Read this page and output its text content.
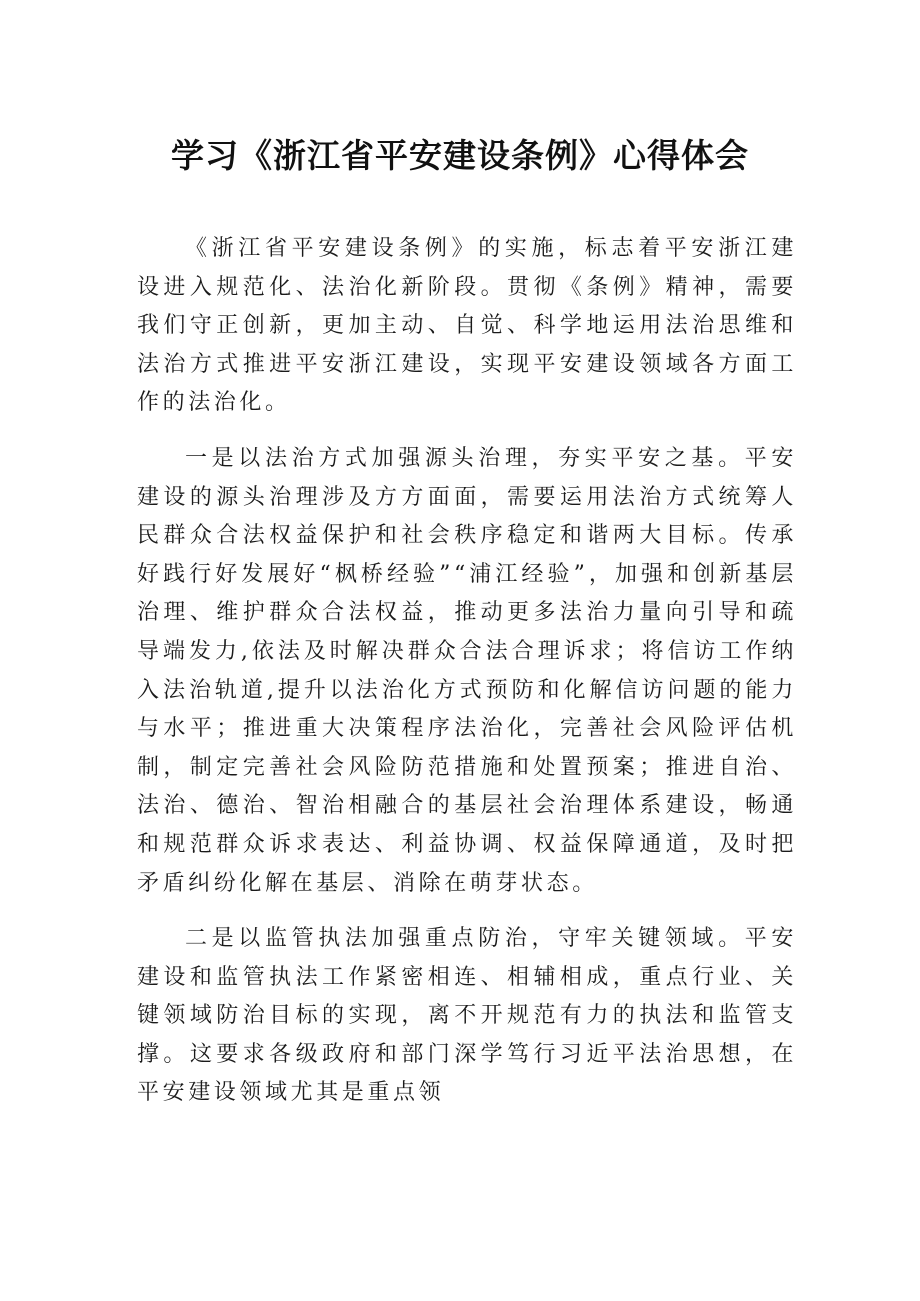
学习《浙江省平安建设条例》心得体会

《浙江省平安建设条例》的实施，标志着平安浙江建设进入规范化、法治化新阶段。贯彻《条例》精神，需要我们守正创新，更加主动、自觉、科学地运用法治思维和法治方式推进平安浙江建设，实现平安建设领域各方面工作的法治化。

一是以法治方式加强源头治理，夯实平安之基。平安建设的源头治理涉及方方面面，需要运用法治方式统筹人民群众合法权益保护和社会秩序稳定和谐两大目标。传承好践行好发展好“枫桥经验”“浦江经验”，加强和创新基层治理、维护群众合法权益，推动更多法治力量向引导和疏导端发力,依法及时解决群众合法合理诉求；将信访工作纳入法治轨道,提升以法治化方式预防和化解信访问题的能力与水平；推进重大决策程序法治化，完善社会风险评估机制，制定完善社会风险防范措施和处置预案；推进自治、法治、德治、智治相融合的基层社会治理体系建设，畅通和规范群众诉求表达、利益协调、权益保障通道，及时把矛盾纠纷化解在基层、消除在萌芽状态。

二是以监管执法加强重点防治，守牢关键领域。平安建设和监管执法工作紧密相连、相辅相成，重点行业、关键领域防治目标的实现，离不开规范有力的执法和监管支撑。这要求各级政府和部门深学笃行习近平法治思想，在平安建设领域尤其是重点领
